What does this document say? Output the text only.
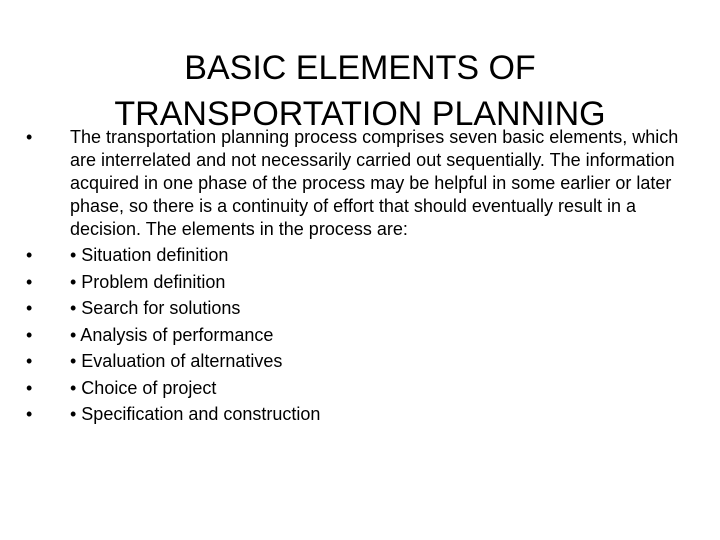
BASIC ELEMENTS OF
TRANSPORTATION PLANNING
•	The transportation planning process comprises seven basic elements, which are interrelated and not necessarily carried out sequentially. The information acquired in one phase of the process may be helpful in some earlier or later phase, so there is a continuity of effort that should eventually result in a decision. The elements in the process are:
•	• Situation definition
•	• Problem definition
•	• Search for solutions
•	• Analysis of performance
•	• Evaluation of alternatives
•	• Choice of project
•	• Specification and construction
